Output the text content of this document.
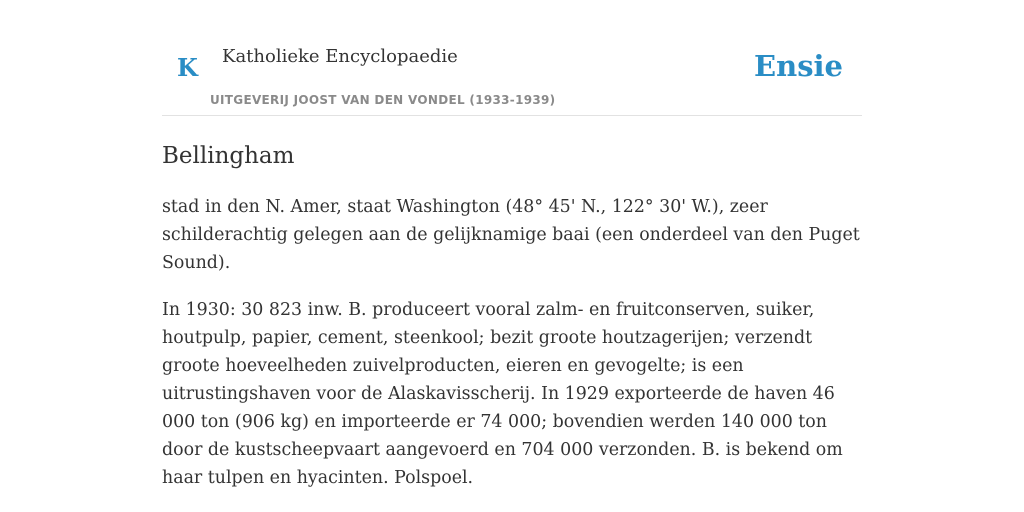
K Katholieke Encyclopaedie
UITGEVERIJ JOOST VAN DEN VONDEL (1933-1939)
Ensie
Bellingham

stad in den N. Amer, staat Washington (48° 45' N., 122° 30' W.), zeer schilderachtig gelegen aan de gelijknamige baai (een onderdeel van den Puget Sound).

In 1930: 30 823 inw. B. produceert vooral zalm- en fruitconserven, suiker, houtpulp, papier, cement, steenkool; bezit groote houtzagerijen; verzendt groote hoeveelheden zuivelproducten, eieren en gevogelte; is een uitrustingshaven voor de Alaskavisscherij. In 1929 exporteerde de haven 46 000 ton (906 kg) en importeerde er 74 000; bovendien werden 140 000 ton door de kustscheepvaart aangevoerd en 704 000 verzonden. B. is bekend om haar tulpen en hyacinten. Polspoel.
